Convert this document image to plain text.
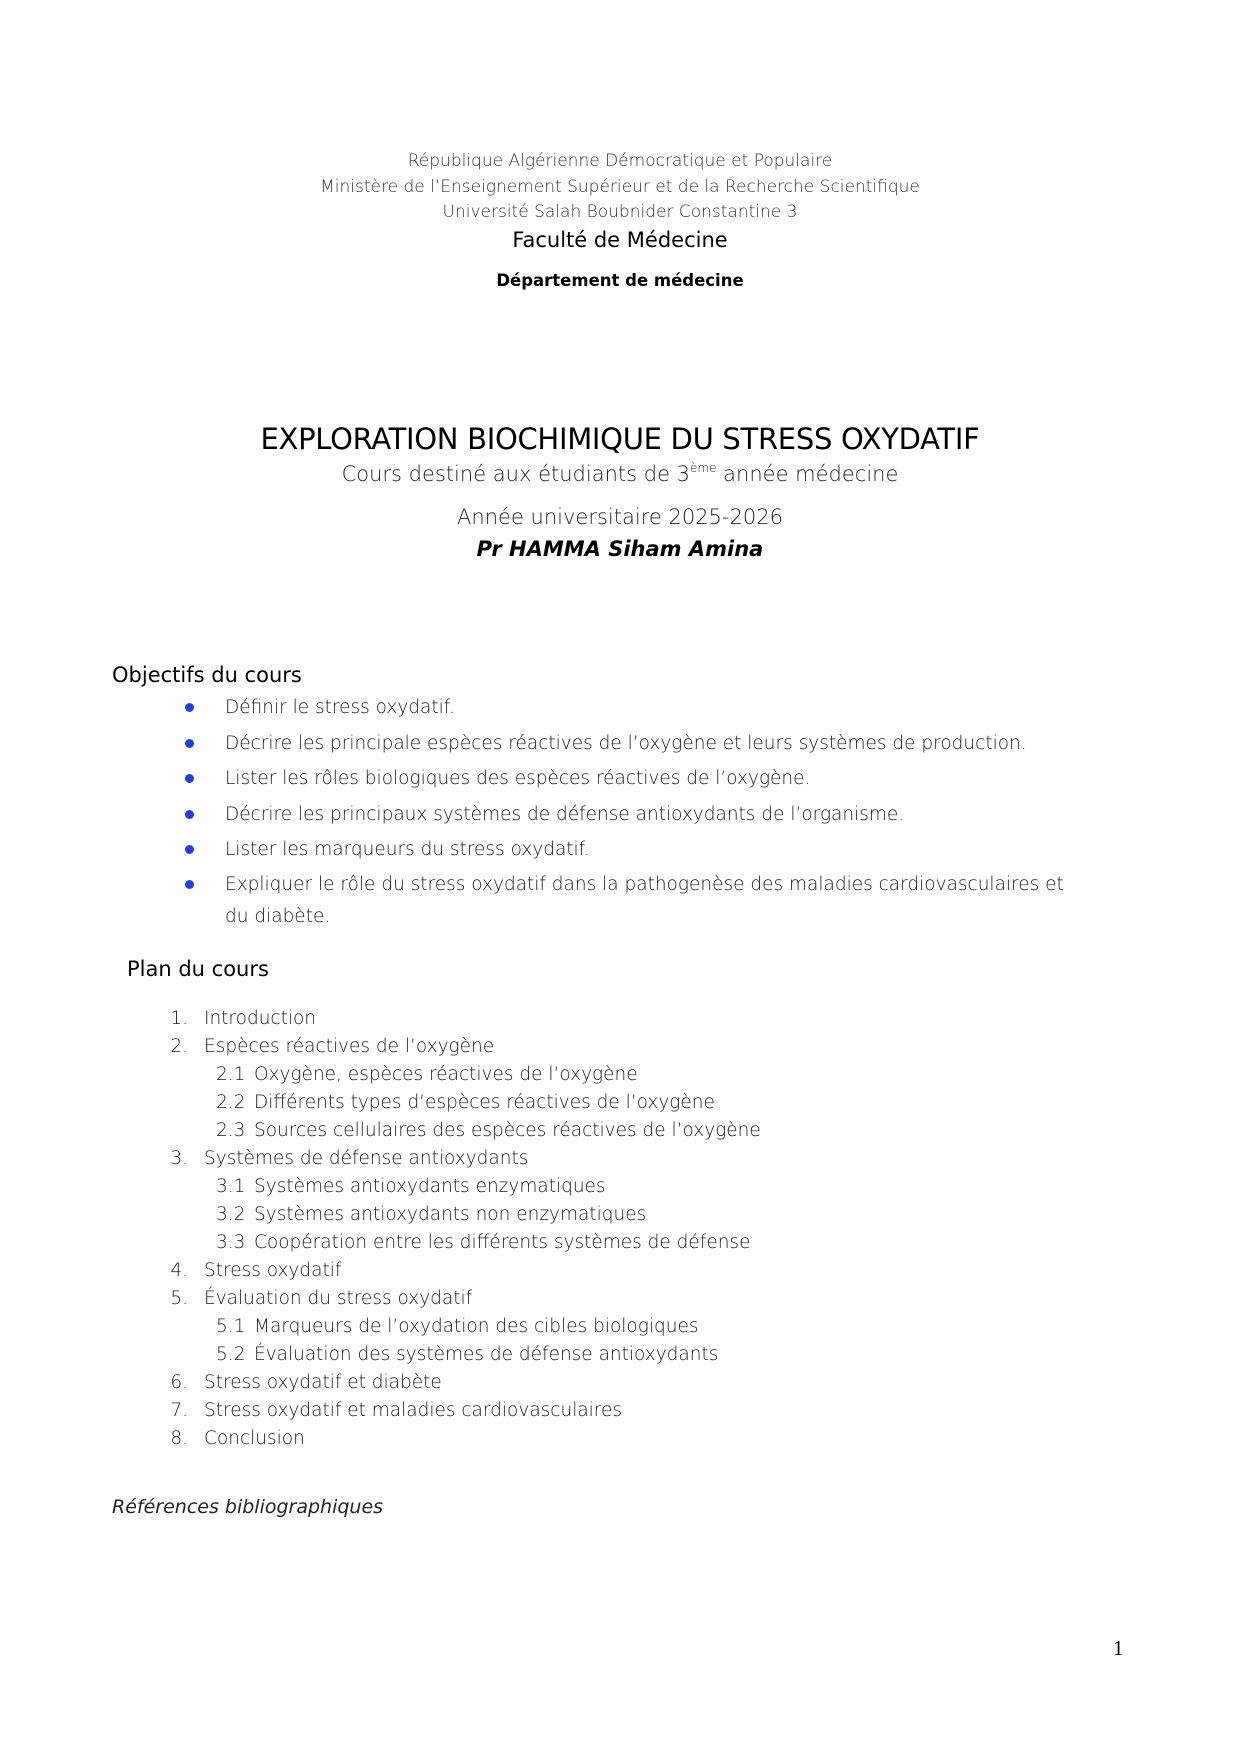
République Algérienne Démocratique et Populaire
Ministère de l’Enseignement Supérieur et de la Recherche Scientifique
Université Salah Boubnider Constantine 3
Faculté de Médecine
Département de médecine
EXPLORATION BIOCHIMIQUE DU STRESS OXYDATIF
Cours destiné aux étudiants de 3ème année médecine
Année universitaire 2025-2026
Pr HAMMA Siham Amina
Objectifs du cours
Définir le stress oxydatif.
Décrire les principale espèces réactives de l’oxygène et leurs systèmes de production.
Lister les rôles biologiques des espèces réactives de l’oxygène.
Décrire les principaux systèmes de défense antioxydants de l’organisme.
Lister les marqueurs du stress oxydatif.
Expliquer le rôle du stress oxydatif dans la pathogenèse des maladies cardiovasculaires et du diabète.
Plan du cours
1. Introduction
2. Espèces réactives de l’oxygène
2.1 Oxygène, espèces réactives de l’oxygène
2.2 Différents types d’espèces réactives de l’oxygène
2.3 Sources cellulaires des espèces réactives de l’oxygène
3. Systèmes de défense antioxydants
3.1 Systèmes antioxydants enzymatiques
3.2 Systèmes antioxydants non enzymatiques
3.3 Coopération entre les différents systèmes de défense
4. Stress oxydatif
5. Évaluation du stress oxydatif
5.1 Marqueurs de l’oxydation des cibles biologiques
5.2 Évaluation des systèmes de défense antioxydants
6. Stress oxydatif et diabète
7. Stress oxydatif et maladies cardiovasculaires
8. Conclusion
Références bibliographiques
1
